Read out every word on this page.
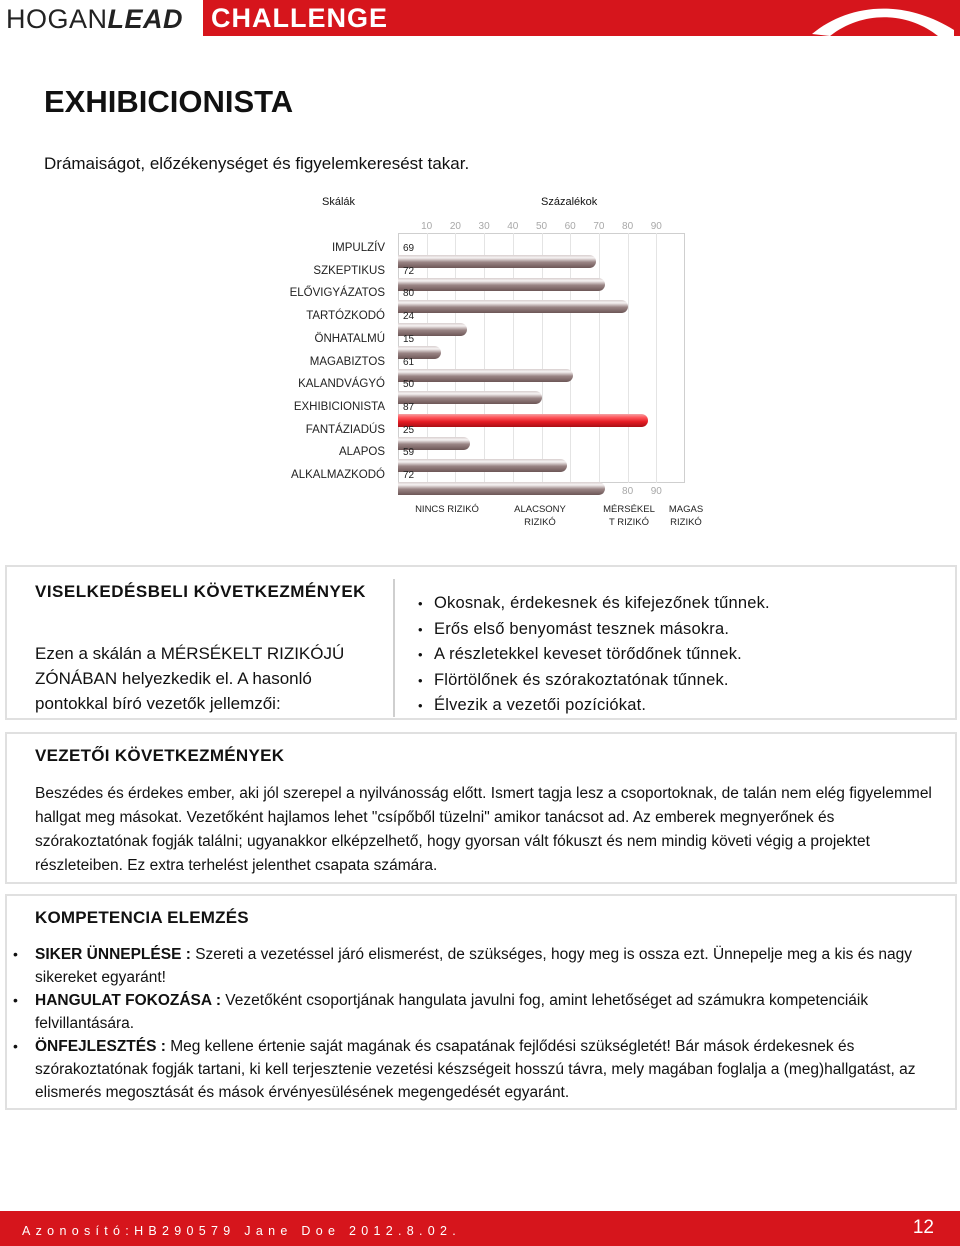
HOGANLEAD CHALLENGE
EXHIBICIONISTA
Drámaiságot, előzékenységet és figyelemkeresést takar.
Skálák	Százalékok
10	20	30	40	50	60	70	80
80
90
90
IMPULZÍV 69
SZKEPTIKUS 72
ELŐVIGYÁZATOS 80
TARTÓZKODÓ 24
ÖNHATALMÚ 15
MAGABIZTOS 61
KALANDVÁGYÓ 50
EXHIBICIONISTA 87
FANTÁZIADÚS 25
ALAPOS 59
ALKALMAZKODÓ 72
NINCS RIZIKÓ	ALACSONY
RIZIKÓ
MÉRSÉKEL
T RIZIKÓ
MAGAS
RIZIKÓ
VISELKEDÉSBELI KÖVETKEZMÉNYEK
Ezen a skálán a MÉRSÉKELT RIZIKÓJÚ ZÓNÁBAN helyezkedik el. A hasonló pontokkal bíró vezetők jellemzői:
• Okosnak, érdekesnek és kifejezőnek tűnnek.
• Erős első benyomást tesznek másokra.
• A részletekkel keveset törődőnek tűnnek.
• Flörtölőnek és szórakoztatónak tűnnek.
• Élvezik a vezetői pozíciókat.
VEZETŐI KÖVETKEZMÉNYEK
Beszédes és érdekes ember, aki jól szerepel a nyilvánosság előtt. Ismert tagja lesz a csoportoknak, de talán nem elég figyelemmel hallgat meg másokat. Vezetőként hajlamos lehet "csípőből tüzelni" amikor tanácsot ad. Az emberek megnyerőnek és szórakoztatónak fogják találni; ugyanakkor elképzelhető, hogy gyorsan vált fókuszt és nem mindig követi végig a projektet részleteiben. Ez extra terhelést jelenthet csapata számára.
KOMPETENCIA ELEMZÉS
• SIKER ÜNNEPLÉSE : Szereti a vezetéssel járó elismerést, de szükséges, hogy meg is ossza ezt. Ünnepelje meg a kis és nagy sikereket egyaránt!
• HANGULAT FOKOZÁSA : Vezetőként csoportjának hangulata javulni fog, amint lehetőséget ad számukra kompetenciáik felvillantására.
• ÖNFEJLESZTÉS : Meg kellene értenie saját magának és csapatának fejlődési szükségletét! Bár mások érdekesnek és szórakoztatónak fogják tartani, ki kell terjesztenie vezetési készségeit hosszú távra, mely magában foglalja a (meg)hallgatást, az elismerés megosztását és mások érvényesülésének megengedését egyaránt.
Azonosító:HB290579 Jane Doe 2012.8.02.	12
